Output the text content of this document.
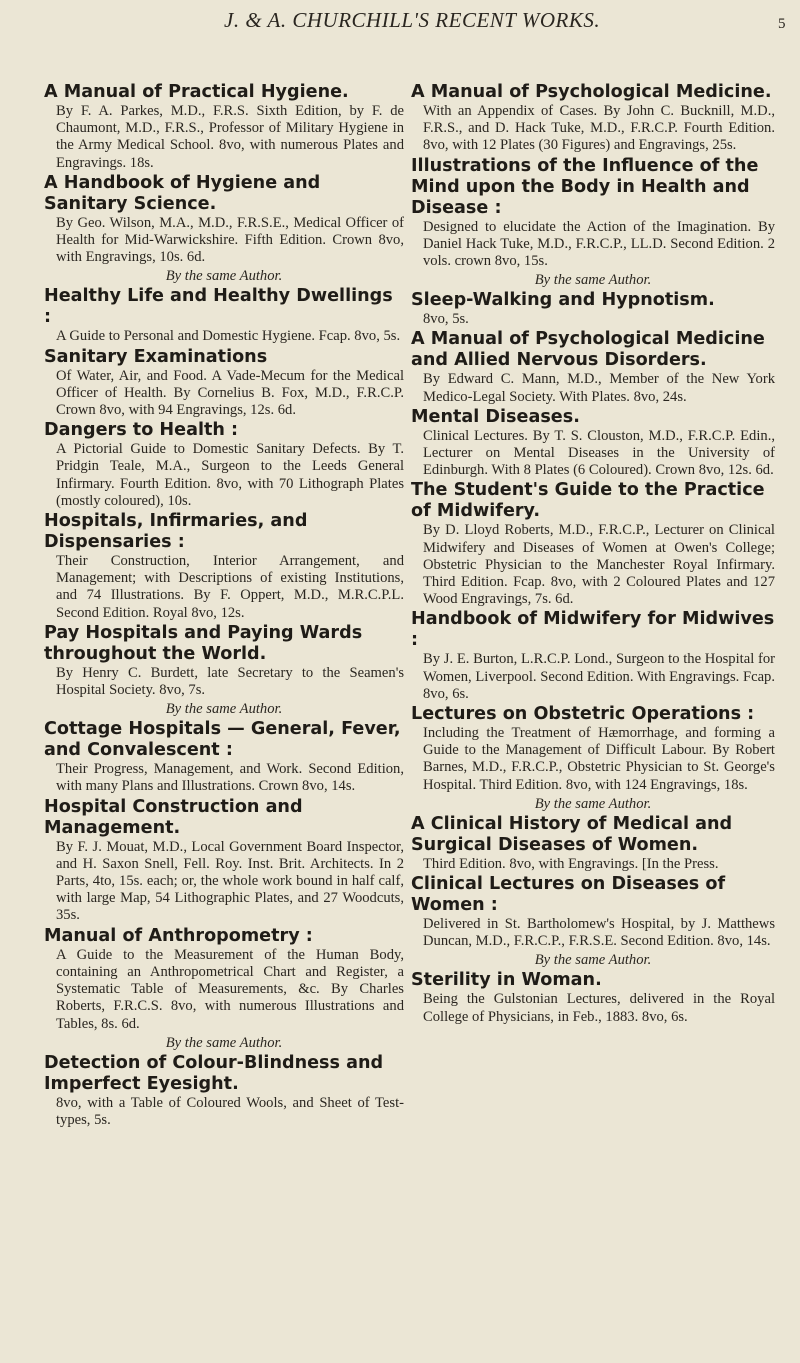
J. & A. CHURCHILL'S RECENT WORKS.	5
A Manual of Practical Hygiene.
By F. A. Parkes, M.D., F.R.S. Sixth Edition, by F. de Chaumont, M.D., F.R.S., Professor of Military Hygiene in the Army Medical School. 8vo, with numerous Plates and Engravings. 18s.
A Handbook of Hygiene and Sanitary Science.
By Geo. Wilson, M.A., M.D., F.R.S.E., Medical Officer of Health for Mid-Warwickshire. Fifth Edition. Crown 8vo, with Engravings, 10s. 6d.
By the same Author.
Healthy Life and Healthy Dwellings :
A Guide to Personal and Domestic Hygiene. Fcap. 8vo, 5s.
Sanitary Examinations
Of Water, Air, and Food. A Vade-Mecum for the Medical Officer of Health. By Cornelius B. Fox, M.D., F.R.C.P. Crown 8vo, with 94 Engravings, 12s. 6d.
Dangers to Health :
A Pictorial Guide to Domestic Sanitary Defects. By T. Pridgin Teale, M.A., Surgeon to the Leeds General Infirmary. Fourth Edition. 8vo, with 70 Lithograph Plates (mostly coloured), 10s.
Hospitals, Infirmaries, and Dispensaries :
Their Construction, Interior Arrangement, and Management; with Descriptions of existing Institutions, and 74 Illustrations. By F. Oppert, M.D., M.R.C.P.L. Second Edition. Royal 8vo, 12s.
Pay Hospitals and Paying Wards throughout the World.
By Henry C. Burdett, late Secretary to the Seamen's Hospital Society. 8vo, 7s.
By the same Author.
Cottage Hospitals — General, Fever, and Convalescent :
Their Progress, Management, and Work. Second Edition, with many Plans and Illustrations. Crown 8vo, 14s.
Hospital Construction and Management.
By F. J. Mouat, M.D., Local Government Board Inspector, and H. Saxon Snell, Fell. Roy. Inst. Brit. Architects. In 2 Parts, 4to, 15s. each; or, the whole work bound in half calf, with large Map, 54 Lithographic Plates, and 27 Woodcuts, 35s.
Manual of Anthropometry :
A Guide to the Measurement of the Human Body, containing an Anthropometrical Chart and Register, a Systematic Table of Measurements, &c. By Charles Roberts, F.R.C.S. 8vo, with numerous Illustrations and Tables, 8s. 6d.
By the same Author.
Detection of Colour-Blindness and Imperfect Eyesight.
8vo, with a Table of Coloured Wools, and Sheet of Test-types, 5s.
A Manual of Psychological Medicine.
With an Appendix of Cases. By John C. Bucknill, M.D., F.R.S., and D. Hack Tuke, M.D., F.R.C.P. Fourth Edition. 8vo, with 12 Plates (30 Figures) and Engravings, 25s.
Illustrations of the Influence of the Mind upon the Body in Health and Disease :
Designed to elucidate the Action of the Imagination. By Daniel Hack Tuke, M.D., F.R.C.P., LL.D. Second Edition. 2 vols. crown 8vo, 15s.
By the same Author.
Sleep-Walking and Hypnotism.
8vo, 5s.
A Manual of Psychological Medicine and Allied Nervous Disorders.
By Edward C. Mann, M.D., Member of the New York Medico-Legal Society. With Plates. 8vo, 24s.
Mental Diseases.
Clinical Lectures. By T. S. Clouston, M.D., F.R.C.P. Edin., Lecturer on Mental Diseases in the University of Edinburgh. With 8 Plates (6 Coloured). Crown 8vo, 12s. 6d.
The Student's Guide to the Practice of Midwifery.
By D. Lloyd Roberts, M.D., F.R.C.P., Lecturer on Clinical Midwifery and Diseases of Women at Owen's College; Obstetric Physician to the Manchester Royal Infirmary. Third Edition. Fcap. 8vo, with 2 Coloured Plates and 127 Wood Engravings, 7s. 6d.
Handbook of Midwifery for Midwives :
By J. E. Burton, L.R.C.P. Lond., Surgeon to the Hospital for Women, Liverpool. Second Edition. With Engravings. Fcap. 8vo, 6s.
Lectures on Obstetric Operations :
Including the Treatment of Hæmorrhage, and forming a Guide to the Management of Difficult Labour. By Robert Barnes, M.D., F.R.C.P., Obstetric Physician to St. George's Hospital. Third Edition. 8vo, with 124 Engravings, 18s.
By the same Author.
A Clinical History of Medical and Surgical Diseases of Women.
Third Edition. 8vo, with Engravings. [In the Press.
Clinical Lectures on Diseases of Women :
Delivered in St. Bartholomew's Hospital, by J. Matthews Duncan, M.D., F.R.C.P., F.R.S.E. Second Edition. 8vo, 14s.
By the same Author.
Sterility in Woman.
Being the Gulstonian Lectures, delivered in the Royal College of Physicians, in Feb., 1883. 8vo, 6s.
